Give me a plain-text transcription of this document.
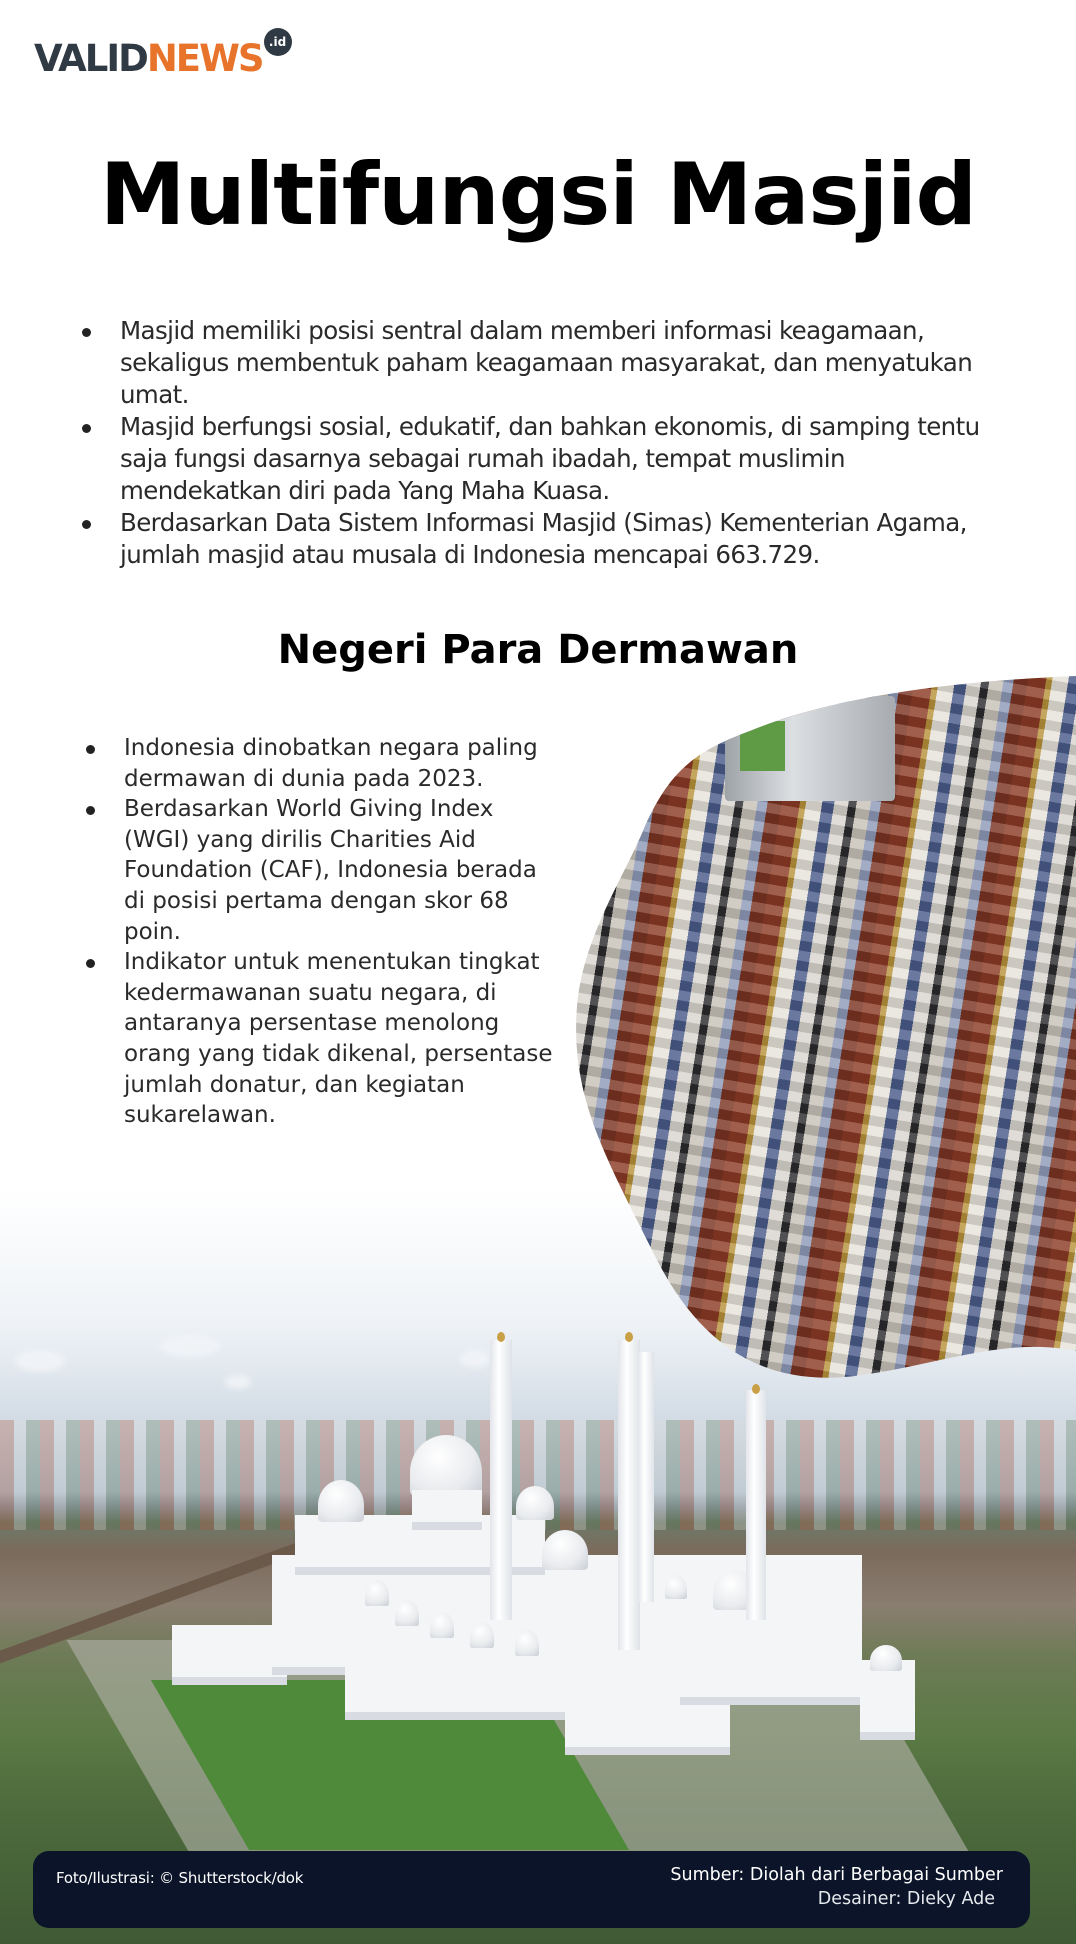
VALID NEWS .id
Multifungsi Masjid
Masjid memiliki posisi sentral dalam memberi informasi keagamaan, sekaligus membentuk paham keagamaan masyarakat, dan menyatukan umat.
Masjid berfungsi sosial, edukatif, dan bahkan ekonomis, di samping tentu saja fungsi dasarnya sebagai rumah ibadah, tempat muslimin mendekatkan diri pada Yang Maha Kuasa.
Berdasarkan Data Sistem Informasi Masjid (Simas) Kementerian Agama, jumlah masjid atau musala di Indonesia mencapai 663.729.
Negeri Para Dermawan
Indonesia dinobatkan negara paling dermawan di dunia pada 2023.
Berdasarkan World Giving Index (WGI) yang dirilis Charities Aid Foundation (CAF), Indonesia berada di posisi pertama dengan skor 68 poin.
Indikator untuk menentukan tingkat kedermawanan suatu negara, di antaranya persentase menolong orang yang tidak dikenal, persentase jumlah donatur, dan kegiatan sukarelawan.
Foto/Ilustrasi: © Shutterstock/dok	Sumber: Diolah dari Berbagai Sumber
Desainer: Dieky Ade
